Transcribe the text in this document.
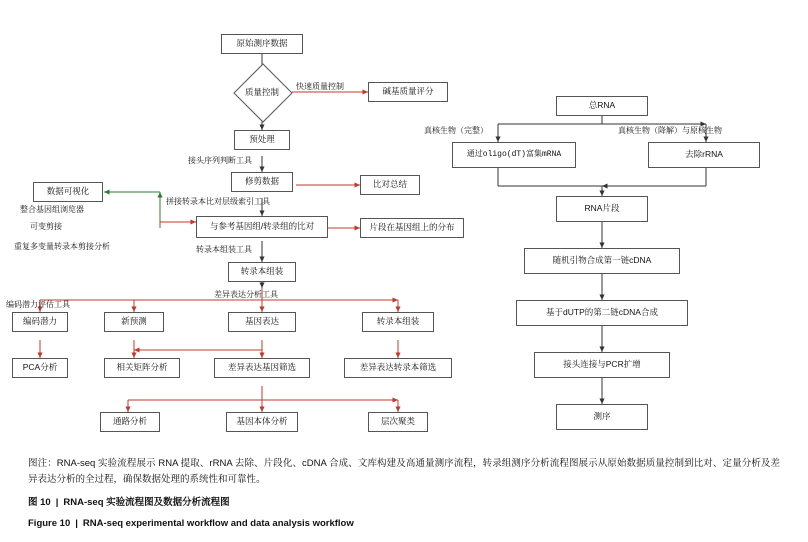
原始测序数据
质量控制	碱基质量评分
预处理
修剪数据	比对总结
与参考基因组/转录组的比对	片段在基因组上的分布
数据可视化
转录本组装
编码潜力	新预测	基因表达	转录本组装
PCA分析	相关矩阵分析	差异表达基因筛选	差异表达转录本筛选
通路分析	基因本体分析	层次聚类
快速质量控制
接头序列判断工具
拼接转录本比对层级索引工具
转录本组装工具
差异表达分析工具
编码潜力评估工具
整合基因组浏览器
可变剪接
重复多变量转录本剪接分析
总RNA
通过oligo(dT)富集mRNA	去除rRNA
RNA片段
随机引物合成第一链cDNA
基于dUTP的第二链cDNA合成
接头连接与PCR扩增
测序
真核生物（完整）	真核生物（降解）与原核生物
图注：RNA-seq 实验流程展示 RNA 提取、rRNA 去除、片段化、cDNA 合成、文库构建及高通量测序流程，转录组测序分析流程图展示从原始数据质量控制到比对、定量分析及差异表达分析的全过程，确保数据处理的系统性和可靠性。
图 10 | RNA-seq 实验流程图及数据分析流程图
Figure 10 | RNA-seq experimental workflow and data analysis workflow
